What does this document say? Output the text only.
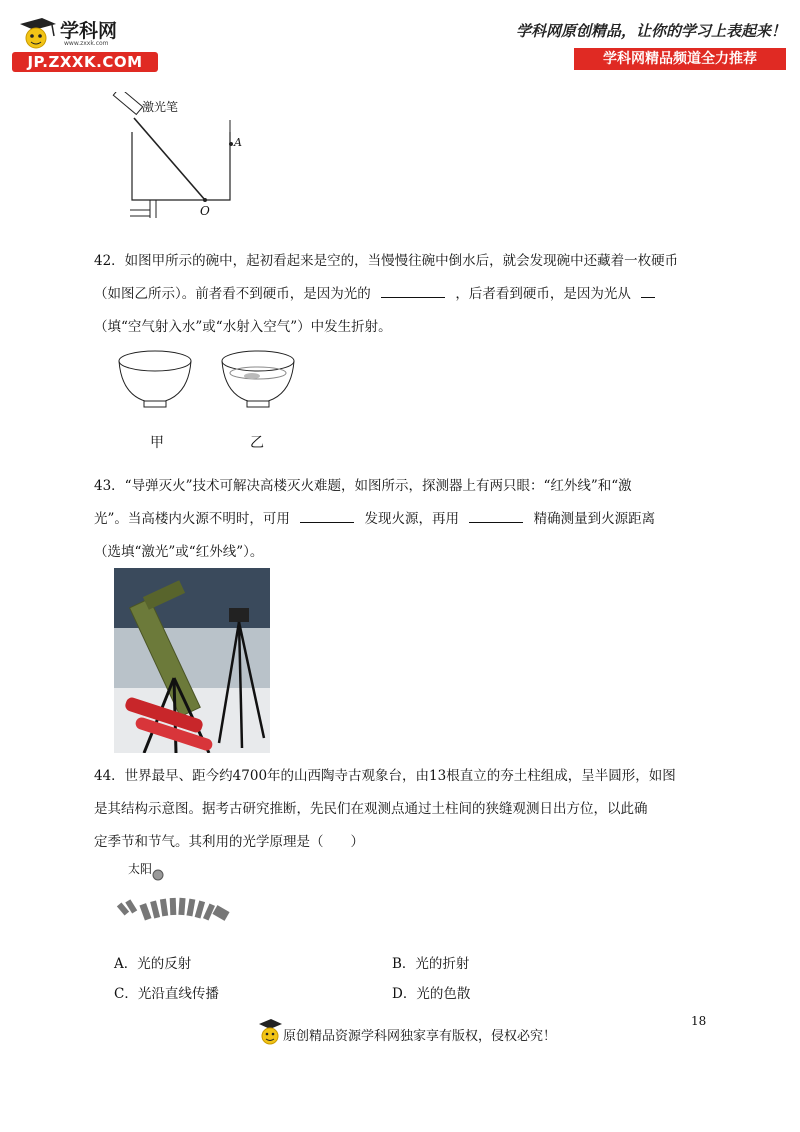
学科网
www.zxxk.com
JP.ZXXK.COM
学科网原创精品，让你的学习上表起来！
学科网精品频道全力推荐
激光笔
A
O
42．如图甲所示的碗中，起初看起来是空的，当慢慢往碗中倒水后，就会发现碗中还藏着一枚硬币
（如图乙所示）。前者看不到硬币，是因为光的	，后者看到硬币，是因为光从
（填“空气射入水”或“水射入空气”）中发生折射。
甲	乙
43．“导弹灭火”技术可解决高楼灭火难题，如图所示，探测器上有两只眼：“红外线”和“激
光”。当高楼内火源不明时，可用	发现火源，再用	精确测量到火源距离
（选填“激光”或“红外线”）。
44．世界最早、距今约4700年的山西陶寺古观象台，由13根直立的夯土柱组成，呈半圆形，如图
是其结构示意图。据考古研究推断，先民们在观测点通过土柱间的狭缝观测日出方位，以此确
定季节和节气。其利用的光学原理是（　　）
太阳
A．光的反射	B．光的折射
C．光沿直线传播	D．光的色散
18
原创精品资源学科网独家享有版权，侵权必究！
